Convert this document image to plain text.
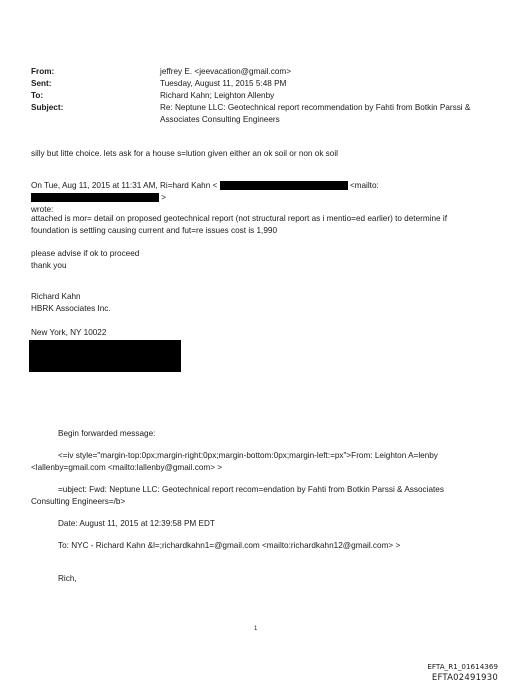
From:	jeffrey E. <jeevacation@gmail.com>
Sent:	Tuesday, August 11, 2015 5:48 PM
To:	Richard Kahn; Leighton Allenby
Subject:	Re: Neptune LLC: Geotechnical report recommendation by Fahti from Botkin Parssi &
Associates Consulting Engineers
silly but litte choice. lets ask for a house s=lution given either an ok soil or non ok soil
On Tue, Aug 11, 2015 at 11:31 AM, Ri=hard Kahn <	<mailto:  >
wrote:
attached is mor= detail on proposed geotechnical report (not structural report as i mentio=ed earlier) to determine if
foundation is settling causing current and fut=re issues cost is 1,990
please advise if ok to proceed
thank you
Richard Kahn
HBRK Associates Inc.
New York, NY 10022
Begin forwarded message:
<=iv style="margin-top:0px;margin-right:0px;margin-bottom:0px;margin-left:=px">From: Leighton A=lenby
<lallenby=gmail.com <mailto:lallenby@gmail.com> >
=ubject: Fwd: Neptune LLC: Geotechnical report recom=endation by Fahti from Botkin Parssi & Associates
Consulting Engineers=/b>
Date: August 11, 2015 at 12:39:58 PM EDT
To: NYC - Richard Kahn &l=;richardkahn1=@gmail.com <mailto:richardkahn12@gmail.com> >
Rich,
1
EFTA_R1_01614369
EFTA02491930
